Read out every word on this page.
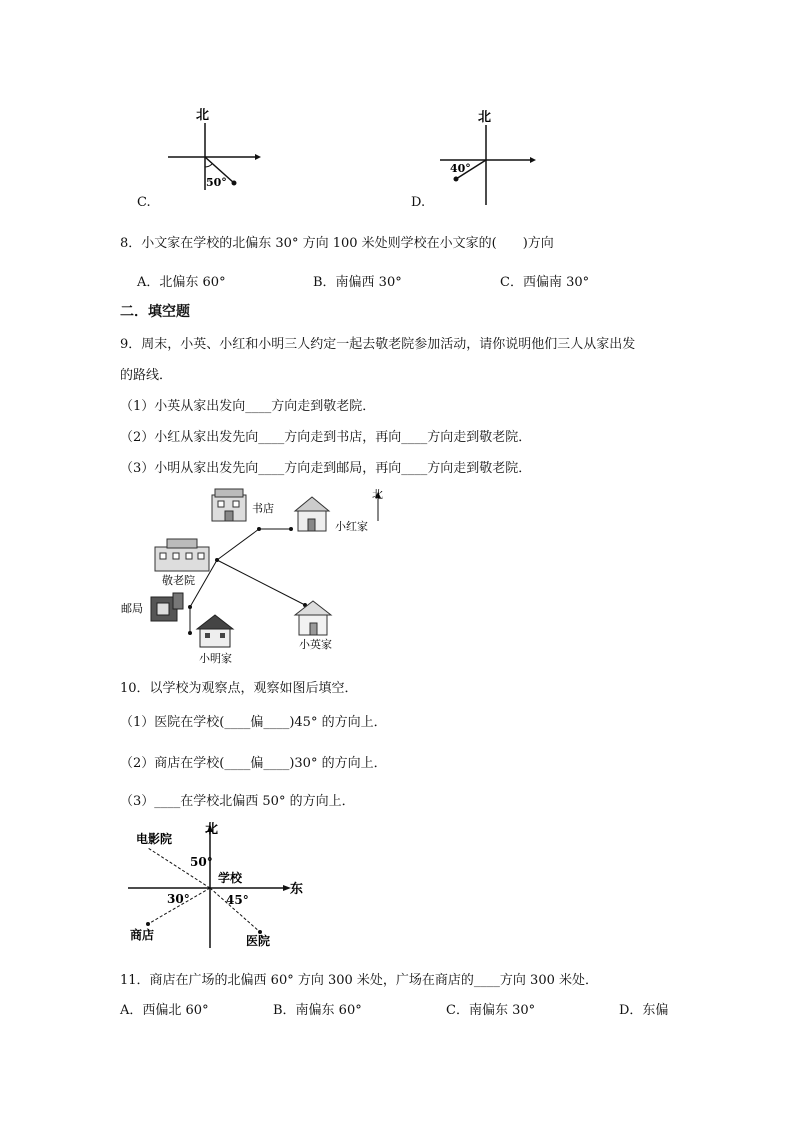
北
50°
C.
北
40°
D.
8．小文家在学校的北偏东 30° 方向 100 米处则学校在小文家的(　　)方向
A．北偏东 60°	B．南偏西 30°	C．西偏南 30°
二．填空题
9．周末，小英、小红和小明三人约定一起去敬老院参加活动，请你说明他们三人从家出发
的路线．
（1）小英从家出发向____方向走到敬老院．
（2）小红从家出发先向____方向走到书店，再向____方向走到敬老院．
（3）小明从家出发先向____方向走到邮局，再向____方向走到敬老院．
书店
小红家
北
敬老院
邮局
小英家
小明家
10．以学校为观察点，观察如图后填空．
（1）医院在学校(____偏____)45° 的方向上．
（2）商店在学校(____偏____)30° 的方向上．
（3）____在学校北偏西 50° 的方向上．
北
东
电影院
50°
学校
30°	45°
商店	医院
11．商店在广场的北偏西 60° 方向 300 米处，广场在商店的____方向 300 米处．
A．西偏北 60°	B．南偏东 60°	C．南偏东 30°	D．东偏
